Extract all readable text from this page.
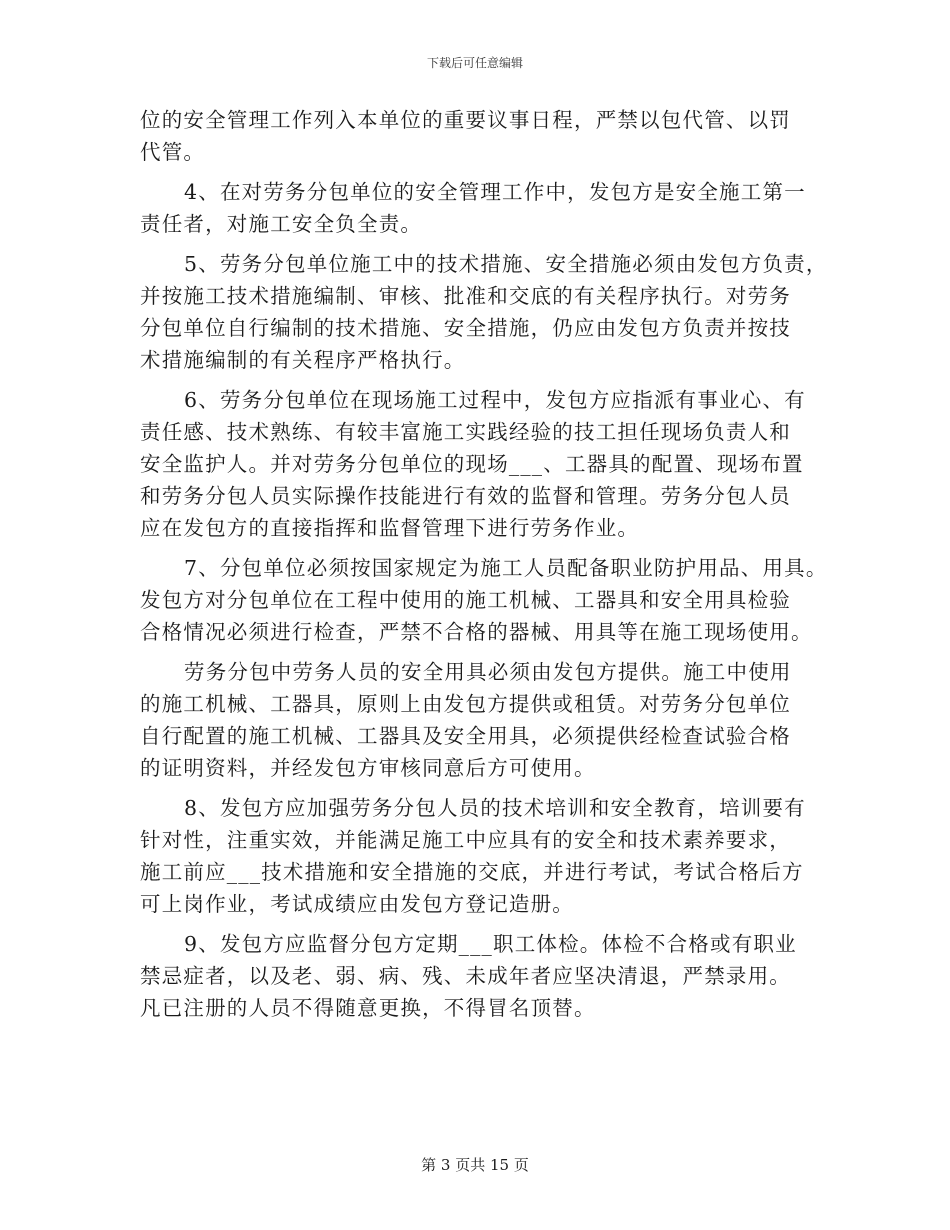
下载后可任意编辑
位的安全管理工作列入本单位的重要议事日程，严禁以包代管、以罚
代管。
4、在对劳务分包单位的安全管理工作中，发包方是安全施工第一
责任者，对施工安全负全责。
5、劳务分包单位施工中的技术措施、安全措施必须由发包方负责，
并按施工技术措施编制、审核、批准和交底的有关程序执行。对劳务
分包单位自行编制的技术措施、安全措施，仍应由发包方负责并按技
术措施编制的有关程序严格执行。
6、劳务分包单位在现场施工过程中，发包方应指派有事业心、有
责任感、技术熟练、有较丰富施工实践经验的技工担任现场负责人和
安全监护人。并对劳务分包单位的现场___、工器具的配置、现场布置
和劳务分包人员实际操作技能进行有效的监督和管理。劳务分包人员
应在发包方的直接指挥和监督管理下进行劳务作业。
7、分包单位必须按国家规定为施工人员配备职业防护用品、用具。
发包方对分包单位在工程中使用的施工机械、工器具和安全用具检验
合格情况必须进行检查，严禁不合格的器械、用具等在施工现场使用。
劳务分包中劳务人员的安全用具必须由发包方提供。施工中使用
的施工机械、工器具，原则上由发包方提供或租赁。对劳务分包单位
自行配置的施工机械、工器具及安全用具，必须提供经检查试验合格
的证明资料，并经发包方审核同意后方可使用。
8、发包方应加强劳务分包人员的技术培训和安全教育，培训要有
针对性，注重实效，并能满足施工中应具有的安全和技术素养要求，
施工前应___技术措施和安全措施的交底，并进行考试，考试合格后方
可上岗作业，考试成绩应由发包方登记造册。
9、发包方应监督分包方定期___职工体检。体检不合格或有职业
禁忌症者，以及老、弱、病、残、未成年者应坚决清退，严禁录用。
凡已注册的人员不得随意更换，不得冒名顶替。
第 3 页共 15 页
